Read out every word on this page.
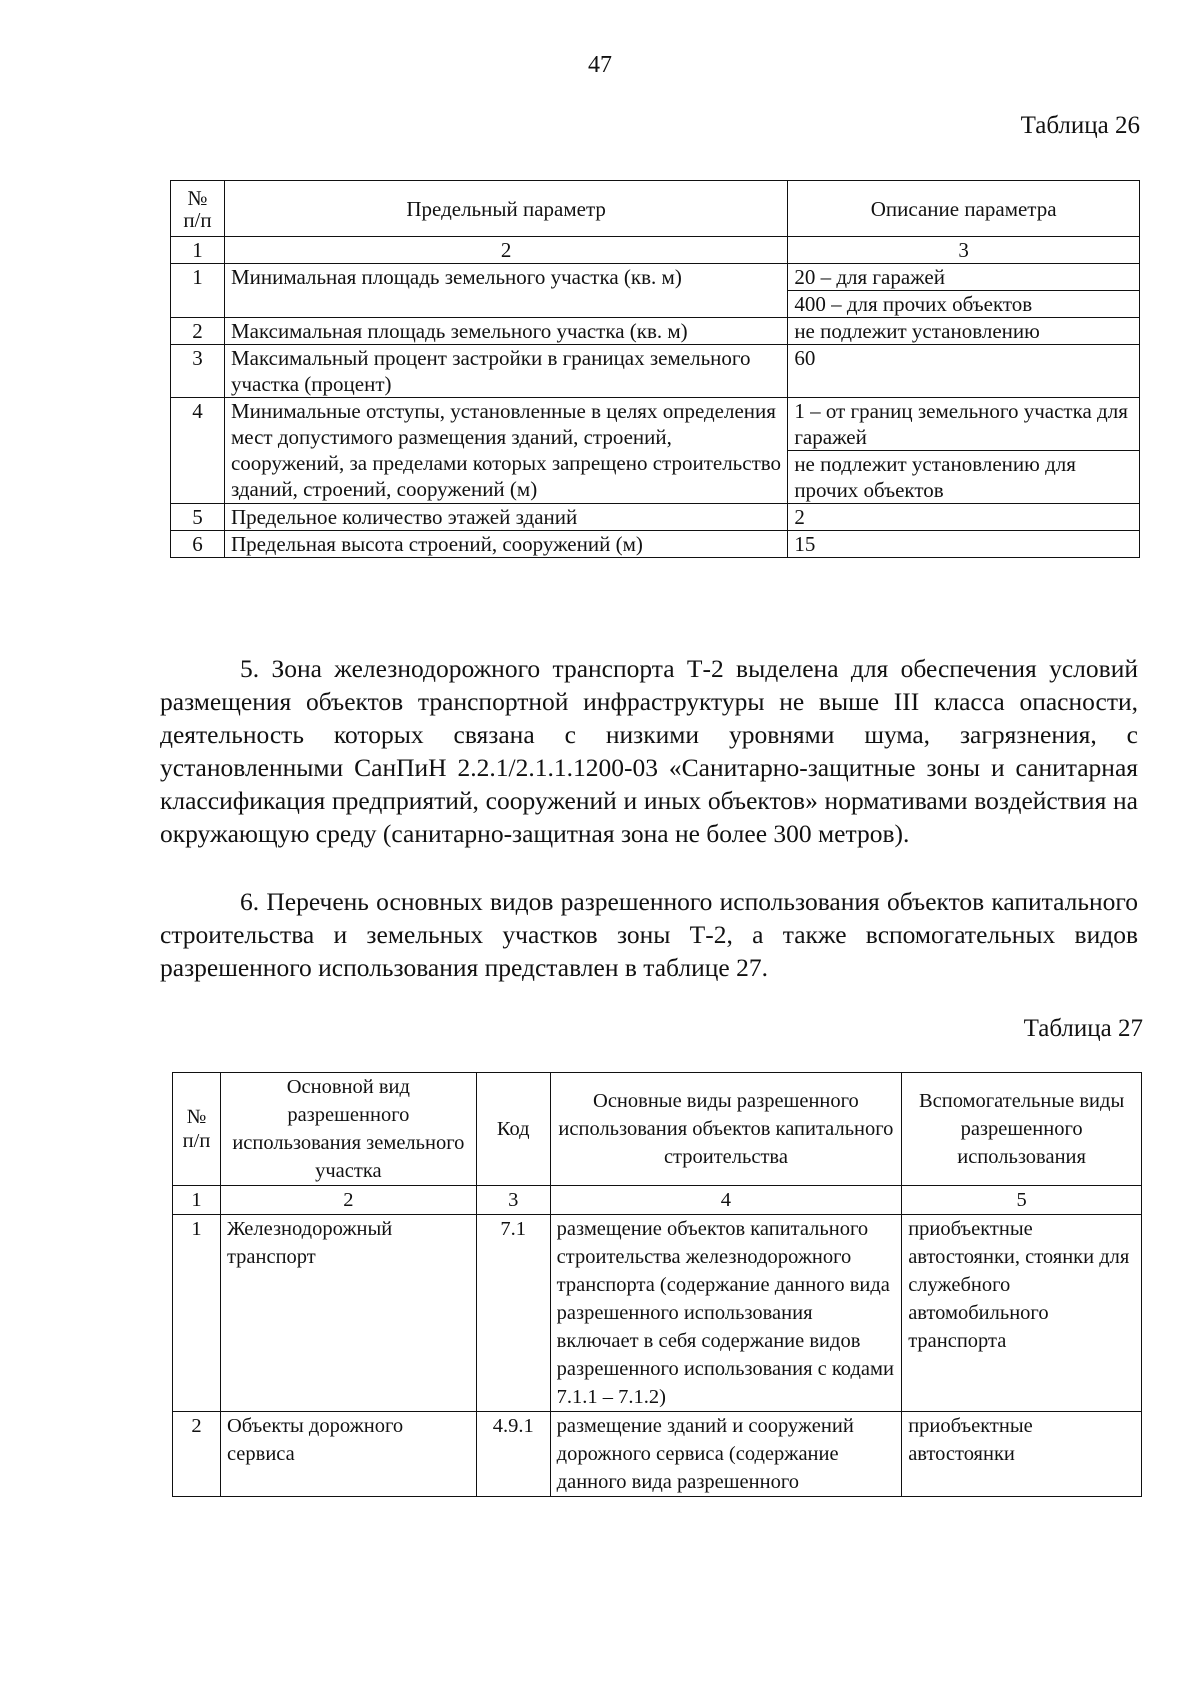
47
Таблица 26
№ п/п	Предельный параметр	Описание параметра
1	2	3
1	Минимальная площадь земельного участка (кв. м)	20 – для гаражей
400 – для прочих объектов

2	Максимальная площадь земельного участка (кв. м)	не подлежит установлению
3	Максимальный процент застройки в границах земельного участка (процент)	60
4	Минимальные отступы, установленные в целях определения мест допустимого размещения зданий, строений, сооружений, за пределами которых запрещено строительство зданий, строений, сооружений (м)	1 – от границ земельного участка для гаражей
не подлежит установлению для прочих объектов

5	Предельное количество этажей зданий	2
6	Предельная высота строений, сооружений (м)	15

5. Зона железнодорожного транспорта Т-2 выделена для обеспечения условий размещения объектов транспортной инфраструктуры не выше III класса опасности, деятельность которых связана с низкими уровнями шума, загрязнения, с установленными СанПиН 2.2.1/2.1.1.1200-03 «Санитарно-защитные зоны и санитарная классификация предприятий, сооружений и иных объектов» нормативами воздействия на окружающую среду (санитарно-защитная зона не более 300 метров).

6. Перечень основных видов разрешенного использования объектов капитального строительства и земельных участков зоны Т-2, а также вспомогательных видов разрешенного использования представлен в таблице 27.

Таблица 27
№ п/п	Основной вид разрешенного использования земельного участка	Код	Основные виды разрешенного использования объектов капитального строительства	Вспомогательные виды разрешенного использования
1	2	3	4	5
1	Железнодорожный транспорт	7.1	размещение объектов капитального строительства железнодорожного транспорта (содержание данного вида разрешенного использования включает в себя содержание видов разрешенного использования с кодами 7.1.1 – 7.1.2)	приобъектные автостоянки, стоянки для служебного автомобильного транспорта
2	Объекты дорожного сервиса	4.9.1	размещение зданий и сооружений дорожного сервиса (содержание данного вида разрешенного	приобъектные автостоянки
